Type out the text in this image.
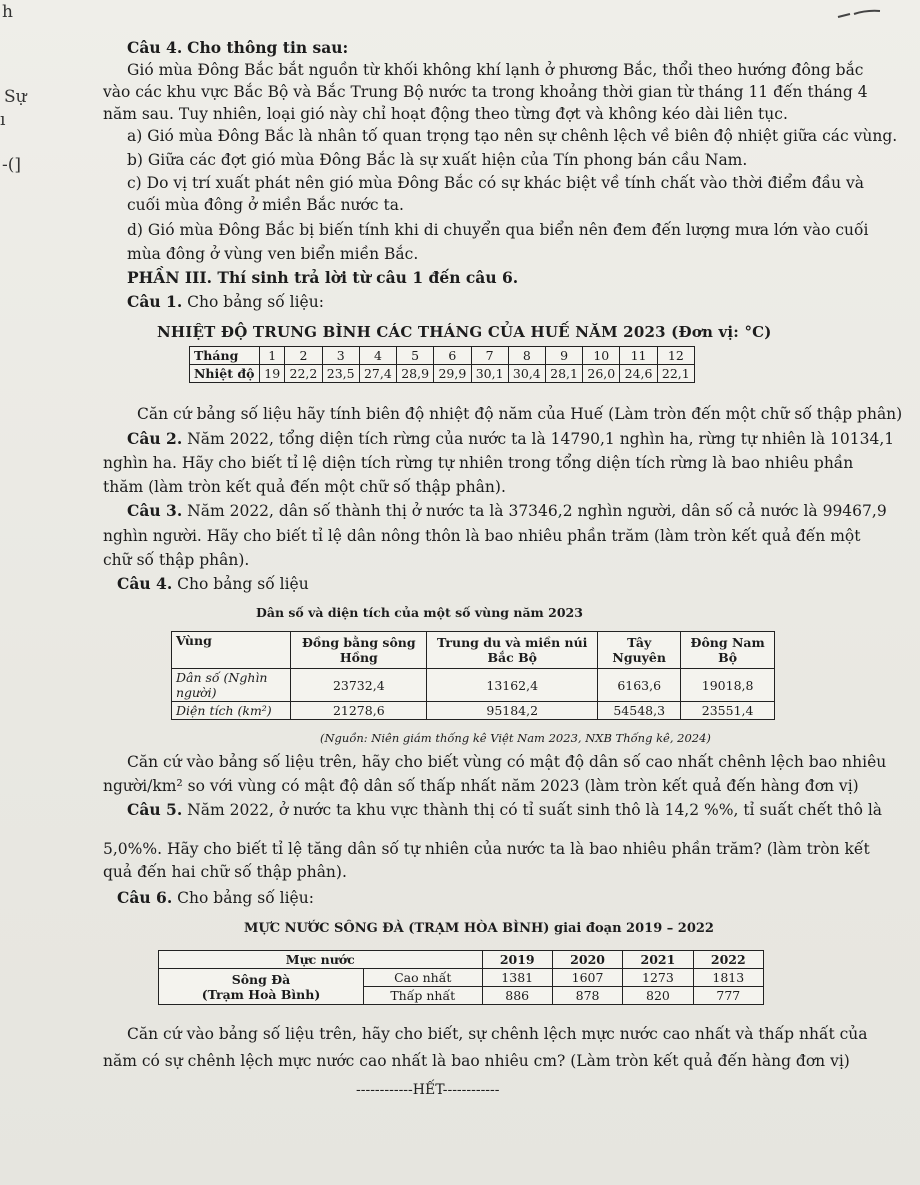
h
Sự
ı
-(]
Câu 4. Cho thông tin sau:
Gió mùa Đông Bắc bắt nguồn từ khối không khí lạnh ở phương Bắc, thổi theo hướng đông bắc
vào các khu vực Bắc Bộ và Bắc Trung Bộ nước ta trong khoảng thời gian từ tháng 11 đến tháng 4
năm sau. Tuy nhiên, loại gió này chỉ hoạt động theo từng đợt và không kéo dài liên tục.
a) Gió mùa Đông Bắc là nhân tố quan trọng tạo nên sự chênh lệch về biên độ nhiệt giữa các vùng.
b) Giữa các đợt gió mùa Đông Bắc là sự xuất hiện của Tín phong bán cầu Nam.
c) Do vị trí xuất phát nên gió mùa Đông Bắc có sự khác biệt về tính chất vào thời điểm đầu và
cuối mùa đông ở miền Bắc nước ta.
d) Gió mùa Đông Bắc bị biến tính khi di chuyển qua biển nên đem đến lượng mưa lớn vào cuối
mùa đông ở vùng ven biển miền Bắc.
PHẦN III. Thí sinh trả lời từ câu 1 đến câu 6.
Câu 1. Cho bảng số liệu:
NHIỆT ĐỘ TRUNG BÌNH CÁC THÁNG CỦA HUẾ NĂM 2023 (Đơn vị: °C)
Tháng	1	2	3	4	5	6	7	8	9	10	11	12
Nhiệt độ	19	22,2	23,5	27,4	28,9	29,9	30,1	30,4	28,1	26,0	24,6	22,1
Căn cứ bảng số liệu hãy tính biên độ nhiệt độ năm của Huế (Làm tròn đến một chữ số thập phân)
Câu 2. Năm 2022, tổng diện tích rừng của nước ta là 14790,1 nghìn ha, rừng tự nhiên là 10134,1
nghìn ha. Hãy cho biết tỉ lệ diện tích rừng tự nhiên trong tổng diện tích rừng là bao nhiêu phần
thăm (làm tròn kết quả đến một chữ số thập phân).
Câu 3. Năm 2022, dân số thành thị ở nước ta là 37346,2 nghìn người, dân số cả nước là 99467,9
nghìn người. Hãy cho biết tỉ lệ dân nông thôn là bao nhiêu phần trăm (làm tròn kết quả đến một
chữ số thập phân).
Câu 4. Cho bảng số liệu
Dân số và diện tích của một số vùng năm 2023
Vùng	Đồng bằng sông Hồng	Trung du và miền núi Bắc Bộ	Tây Nguyên	Đông Nam Bộ
Dân số (Nghìn người)	23732,4	13162,4	6163,6	19018,8
Diện tích (km²)	21278,6	95184,2	54548,3	23551,4
(Nguồn: Niên giám thống kê Việt Nam 2023, NXB Thống kê, 2024)
Căn cứ vào bảng số liệu trên, hãy cho biết vùng có mật độ dân số cao nhất chênh lệch bao nhiêu
người/km² so với vùng có mật độ dân số thấp nhất năm 2023 (làm tròn kết quả đến hàng đơn vị)
Câu 5. Năm 2022, ở nước ta khu vực thành thị có tỉ suất sinh thô là 14,2 %%, tỉ suất chết thô là
5,0%%. Hãy cho biết tỉ lệ tăng dân số tự nhiên của nước ta là bao nhiêu phần trăm? (làm tròn kết
quả đến hai chữ số thập phân).
Câu 6. Cho bảng số liệu:
MỰC NƯỚC SÔNG ĐÀ (TRẠM HÒA BÌNH) giai đoạn 2019 – 2022
Mực nước		2019	2020	2021	2022
Sông Đà
(Trạm Hoà Bình)	Cao nhất	1381	1607	1273	1813
	Thấp nhất	886	878	820	777
Căn cứ vào bảng số liệu trên, hãy cho biết, sự chênh lệch mực nước cao nhất và thấp nhất của
năm có sự chênh lệch mực nước cao nhất là bao nhiêu cm? (Làm tròn kết quả đến hàng đơn vị)
------------HẾT------------
